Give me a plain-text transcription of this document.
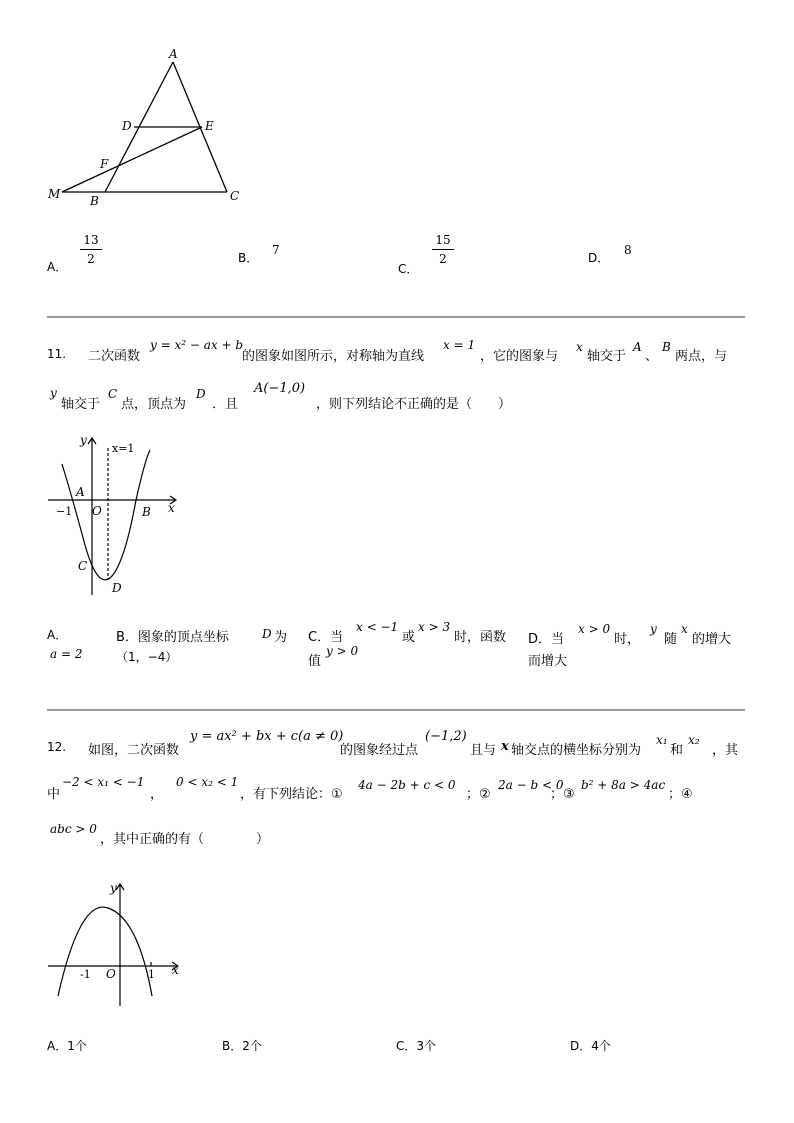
A
D	E
F
M B	C
A．
13
2	B．
7
C．
15
2	D．
8
11. 二次函数
y = x² − ax + b
的图象如图所示，对称轴为直线
x = 1
，它的图象与
x
轴交于
A
、
B
两点，与
y
轴交于
C
点，顶点为
D
．且
A(−1,0)
，则下列结论不正确的是（　　）
y
x=1
A
−1 O	B x
C
D
A．
a = 2
B．图象的顶点坐标	D 为
（1，−4）
C．当
x < −1
或
x > 3
时，函数
值
y > 0
D．当
x > 0
时，
y
随
x
的增大
而增大
12. 如图，二次函数
y = ax² + bx + c(a ≠ 0)
的图象经过点
(−1,2)
且与 x 轴交点的横坐标分别为
x₁
和
x₂
，其
中
−2 < x₁ < −1
，
0 < x₂ < 1
，有下列结论：①
4a − 2b + c < 0
；②
2a − b < 0
；③
b² + 8a > 4ac
；④
abc > 0
，其中正确的有（　　　　）
y
-1 O	1 x
A．1个	B．2个	C．3个	D．4个
